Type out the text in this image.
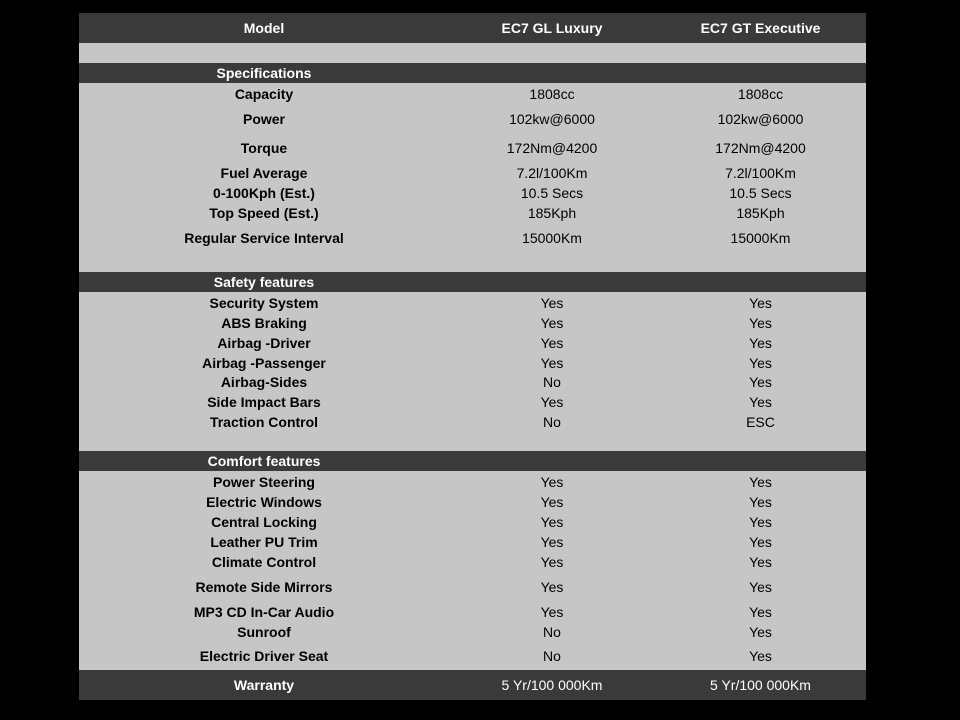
Model	EC7 GL Luxury	EC7 GT Executive
Specifications
Capacity	1808cc	1808cc
Power	102kw@6000	102kw@6000
Torque	172Nm@4200	172Nm@4200
Fuel Average	7.2l/100Km	7.2l/100Km
0-100Kph (Est.)	10.5 Secs	10.5 Secs
Top Speed (Est.)	185Kph	185Kph
Regular Service Interval	15000Km	15000Km
Safety features
Security System	Yes	Yes
ABS Braking	Yes	Yes
Airbag -Driver	Yes	Yes
Airbag -Passenger	Yes	Yes
Airbag-Sides	No	Yes
Side Impact Bars	Yes	Yes
Traction Control	No	ESC
Comfort features
Power Steering	Yes	Yes
Electric Windows	Yes	Yes
Central Locking	Yes	Yes
Leather PU Trim	Yes	Yes
Climate Control	Yes	Yes
Remote Side Mirrors	Yes	Yes
MP3 CD In-Car Audio	Yes	Yes
Sunroof	No	Yes
Electric Driver Seat	No	Yes
Warranty	5 Yr/100 000Km	5 Yr/100 000Km
